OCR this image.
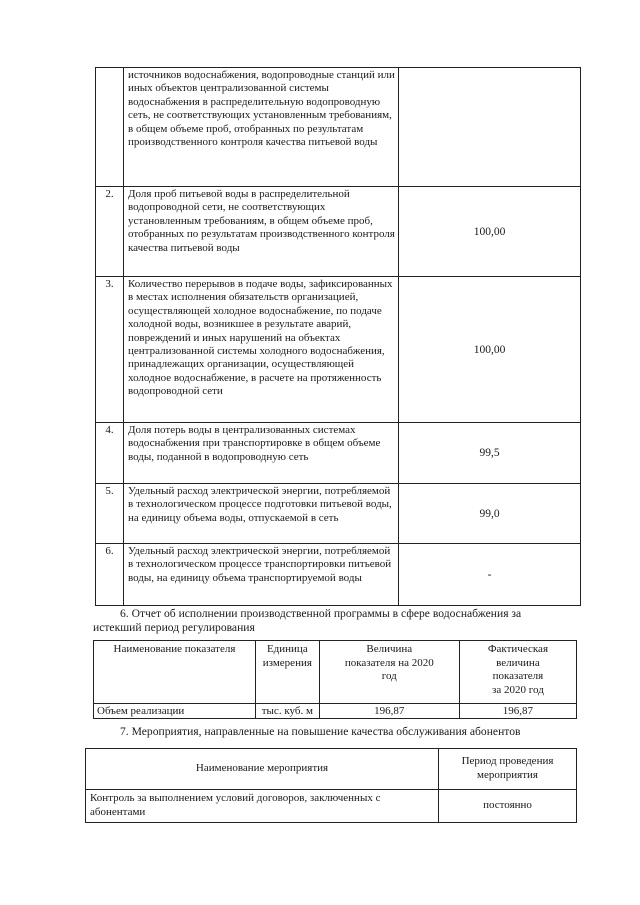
	источников водоснабжения, водопроводные станций или иных объектов централизованной системы водоснабжения в распределительную водопроводную сеть, не соответствующих установленным требованиям, в общем объеме проб, отобранных по результатам производственного контроля качества питьевой воды	
2.	Доля проб питьевой воды в распределительной водопроводной сети, не соответствующих установленным требованиям, в общем объеме проб, отобранных по результатам производственного контроля качества питьевой воды	100,00
3.	Количество перерывов в подаче воды, зафиксированных в местах исполнения обязательств организацией, осуществляющей холодное водоснабжение, по подаче холодной воды, возникшее в результате аварий, повреждений и иных нарушений на объектах централизованной системы холодного водоснабжения, принадлежащих организации, осуществляющей холодное водоснабжение, в расчете на протяженность водопроводной сети	100,00
4.	Доля потерь воды в централизованных системах водоснабжения при транспортировке в общем объеме воды, поданной в водопроводную сеть	99,5
5.	Удельный расход электрической энергии, потребляемой в технологическом процессе подготовки питьевой воды, на единицу объема воды, отпускаемой в сеть	99,0
6.	Удельный расход электрической энергии, потребляемой в технологическом процессе транспортировки питьевой воды, на единицу объема транспортируемой воды	-
6. Отчет об исполнении производственной программы в сфере водоснабжения за
истекший период регулирования
Наименование показателя	Единица измерения	Величина показателя на 2020 год	Фактическая величина показателя за 2020 год
Объем реализации	тыс. куб. м	196,87	196,87
7. Мероприятия, направленные на повышение качества обслуживания абонентов
Наименование мероприятия	Период проведения мероприятия
Контроль за выполнением условий договоров, заключенных с абонентами	постоянно
